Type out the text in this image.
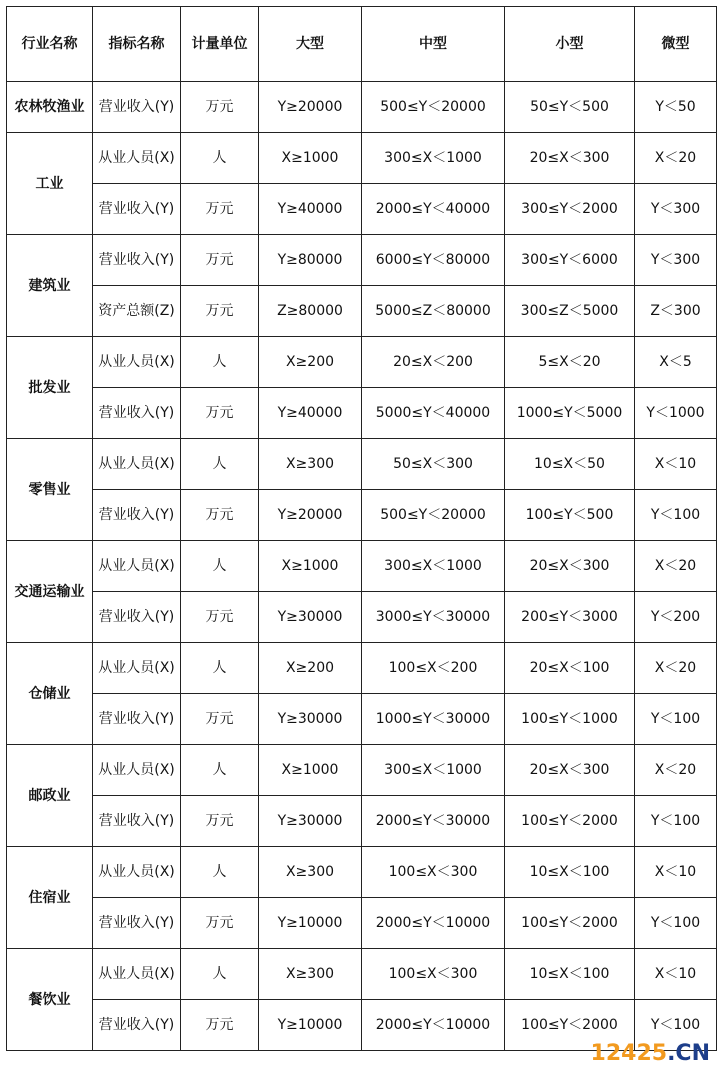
行业名称	指标名称	计量单位	大型	中型	小型	微型
农林牧渔业	营业收入(Y)	万元	Y≥20000	500≤Y＜20000	50≤Y＜500	Y＜50
工业	从业人员(X)	人	X≥1000	300≤X＜1000	20≤X＜300	X＜20
	营业收入(Y)	万元	Y≥40000	2000≤Y＜40000	300≤Y＜2000	Y＜300
建筑业	营业收入(Y)	万元	Y≥80000	6000≤Y＜80000	300≤Y＜6000	Y＜300
	资产总额(Z)	万元	Z≥80000	5000≤Z＜80000	300≤Z＜5000	Z＜300
批发业	从业人员(X)	人	X≥200	20≤X＜200	5≤X＜20	X＜5
	营业收入(Y)	万元	Y≥40000	5000≤Y＜40000	1000≤Y＜5000	Y＜1000
零售业	从业人员(X)	人	X≥300	50≤X＜300	10≤X＜50	X＜10
	营业收入(Y)	万元	Y≥20000	500≤Y＜20000	100≤Y＜500	Y＜100
交通运输业	从业人员(X)	人	X≥1000	300≤X＜1000	20≤X＜300	X＜20
	营业收入(Y)	万元	Y≥30000	3000≤Y＜30000	200≤Y＜3000	Y＜200
仓储业	从业人员(X)	人	X≥200	100≤X＜200	20≤X＜100	X＜20
	营业收入(Y)	万元	Y≥30000	1000≤Y＜30000	100≤Y＜1000	Y＜100
邮政业	从业人员(X)	人	X≥1000	300≤X＜1000	20≤X＜300	X＜20
	营业收入(Y)	万元	Y≥30000	2000≤Y＜30000	100≤Y＜2000	Y＜100
住宿业	从业人员(X)	人	X≥300	100≤X＜300	10≤X＜100	X＜10
	营业收入(Y)	万元	Y≥10000	2000≤Y＜10000	100≤Y＜2000	Y＜100
餐饮业	从业人员(X)	人	X≥300	100≤X＜300	10≤X＜100	X＜10
	营业收入(Y)	万元	Y≥10000	2000≤Y＜10000	100≤Y＜2000	Y＜100
12425.CN
